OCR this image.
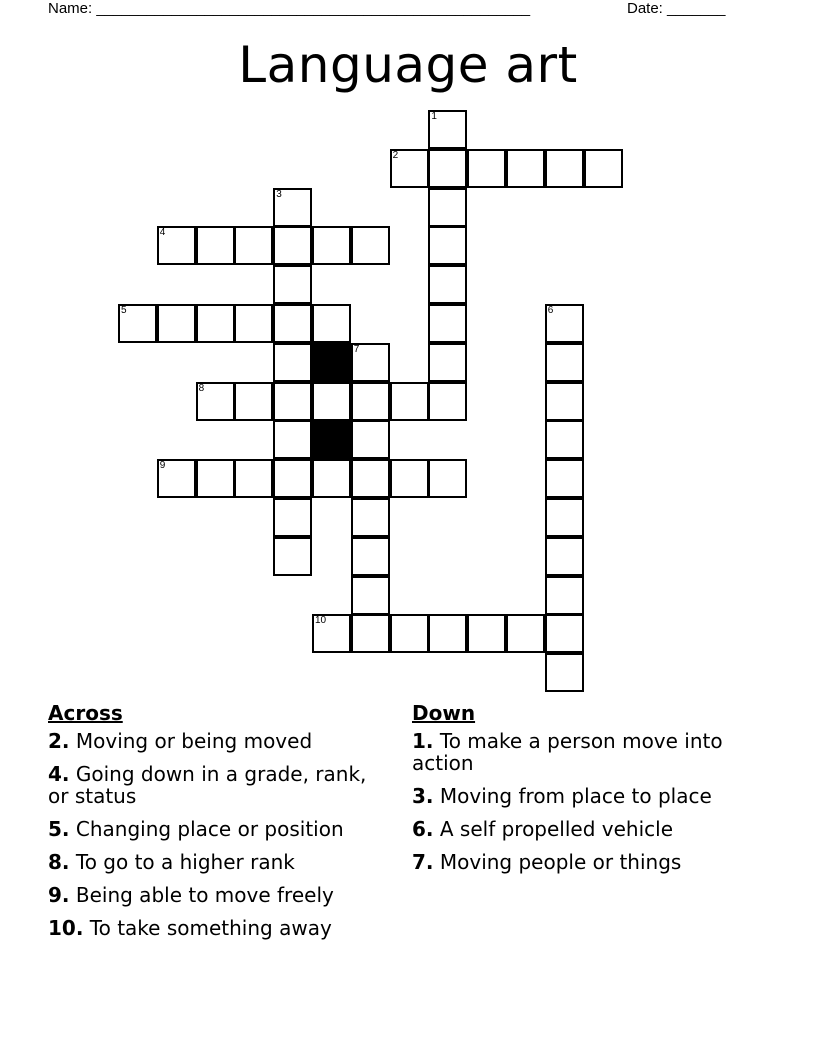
Name: ____________________________________________________	Date: _______
Language art
1
2
3
4
5	6
7
8
9
10
Across
2. Moving or being moved
4. Going down in a grade, rank, or status
5. Changing place or position
8. To go to a higher rank
9. Being able to move freely
10. To take something away
Down
1. To make a person move into action
3. Moving from place to place
6. A self propelled vehicle
7. Moving people or things
